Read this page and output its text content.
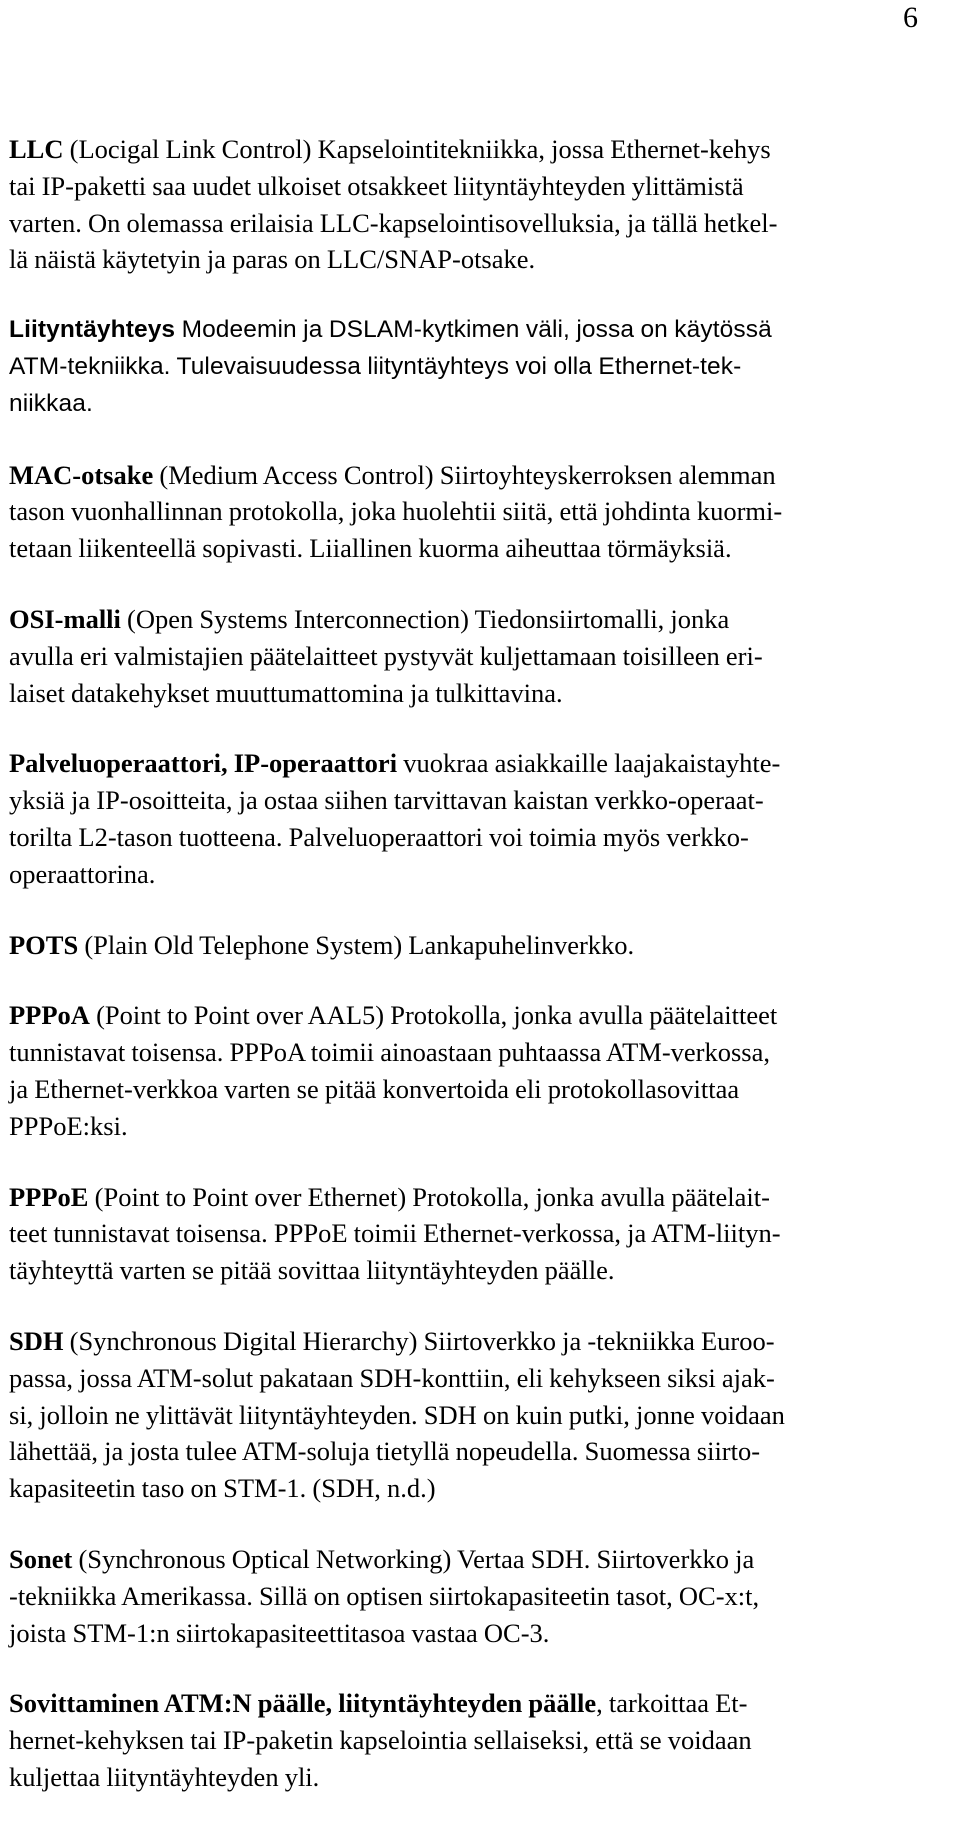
6
LLC (Locigal Link Control) Kapselointitekniikka, jossa Ethernet-kehys
tai IP-paketti saa uudet ulkoiset otsakkeet liityntäyhteyden ylittämistä
varten. On olemassa erilaisia LLC-kapselointisovelluksia, ja tällä hetkel-
lä näistä käytetyin ja paras on LLC/SNAP-otsake.
Liityntäyhteys Modeemin ja DSLAM-kytkimen väli, jossa on käytössä
ATM-tekniikka. Tulevaisuudessa liityntäyhteys voi olla Ethernet-tek-
niikkaa.
MAC-otsake (Medium Access Control) Siirtoyhteyskerroksen alemman
tason vuonhallinnan protokolla, joka huolehtii siitä, että johdinta kuormi-
tetaan liikenteellä sopivasti. Liiallinen kuorma aiheuttaa törmäyksiä.
OSI-malli (Open Systems Interconnection) Tiedonsiirtomalli, jonka
avulla eri valmistajien päätelaitteet pystyvät kuljettamaan toisilleen eri-
laiset datakehykset muuttumattomina ja tulkittavina.
Palveluoperaattori, IP-operaattori vuokraa asiakkaille laajakaistayhte-
yksiä ja IP-osoitteita, ja ostaa siihen tarvittavan kaistan verkko-operaat-
torilta L2-tason tuotteena. Palveluoperaattori voi toimia myös verkko-
operaattorina.
POTS (Plain Old Telephone System) Lankapuhelinverkko.
PPPoA (Point to Point over AAL5) Protokolla, jonka avulla päätelaitteet
tunnistavat toisensa. PPPoA toimii ainoastaan puhtaassa ATM-verkossa,
ja Ethernet-verkkoa varten se pitää konvertoida eli protokollasovittaa
PPPoE:ksi.
PPPoE (Point to Point over Ethernet) Protokolla, jonka avulla päätelait-
teet tunnistavat toisensa. PPPoE toimii Ethernet-verkossa, ja ATM-liityn-
täyhteyttä varten se pitää sovittaa liityntäyhteyden päälle.
SDH (Synchronous Digital Hierarchy) Siirtoverkko ja -tekniikka Euroo-
passa, jossa ATM-solut pakataan SDH-konttiin, eli kehykseen siksi ajak-
si, jolloin ne ylittävät liityntäyhteyden. SDH on kuin putki, jonne voidaan
lähettää, ja josta tulee ATM-soluja tietyllä nopeudella. Suomessa siirto-
kapasiteetin taso on STM-1. (SDH, n.d.)
Sonet (Synchronous Optical Networking) Vertaa SDH. Siirtoverkko ja
-tekniikka Amerikassa. Sillä on optisen siirtokapasiteetin tasot, OC-x:t,
joista STM-1:n siirtokapasiteettitasoa vastaa OC-3.
Sovittaminen ATM:N päälle, liityntäyhteyden päälle, tarkoittaa Et-
hernet-kehyksen tai IP-paketin kapselointia sellaiseksi, että se voidaan
kuljettaa liityntäyhteyden yli.
